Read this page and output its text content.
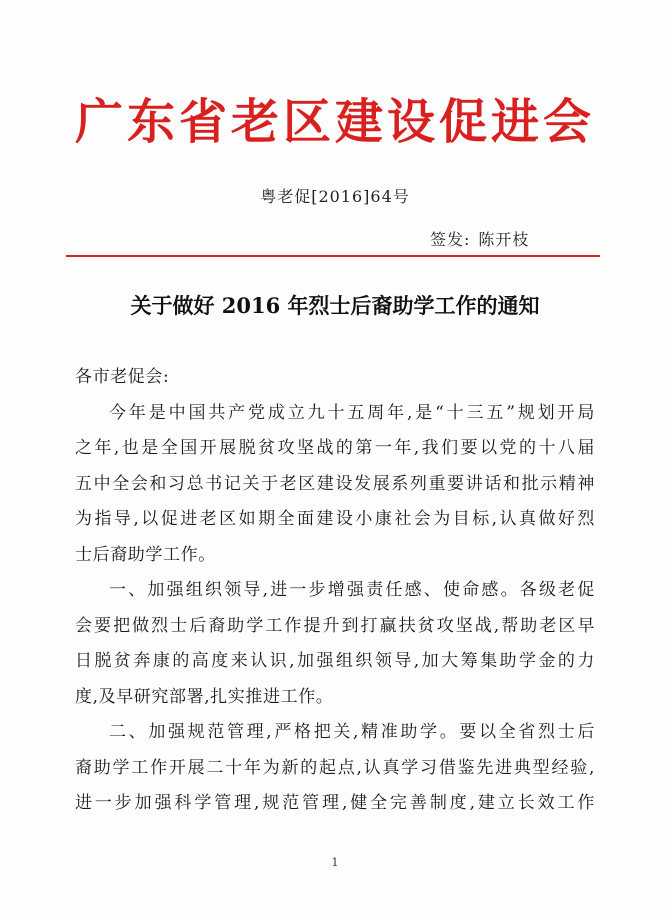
广东省老区建设促进会
粤老促[2016]64号
签发: 陈开枝
关于做好 2016 年烈士后裔助学工作的通知
各市老促会:
今年是中国共产党成立九十五周年,是“十三五”规划开局
之年,也是全国开展脱贫攻坚战的第一年,我们要以党的十八届
五中全会和习总书记关于老区建设发展系列重要讲话和批示精神
为指导,以促进老区如期全面建设小康社会为目标,认真做好烈
士后裔助学工作。
一、加强组织领导,进一步增强责任感、使命感。各级老促
会要把做烈士后裔助学工作提升到打赢扶贫攻坚战,帮助老区早
日脱贫奔康的高度来认识,加强组织领导,加大筹集助学金的力
度,及早研究部署,扎实推进工作。
二、加强规范管理,严格把关,精准助学。要以全省烈士后
裔助学工作开展二十年为新的起点,认真学习借鉴先进典型经验,
进一步加强科学管理,规范管理,健全完善制度,建立长效工作
1
